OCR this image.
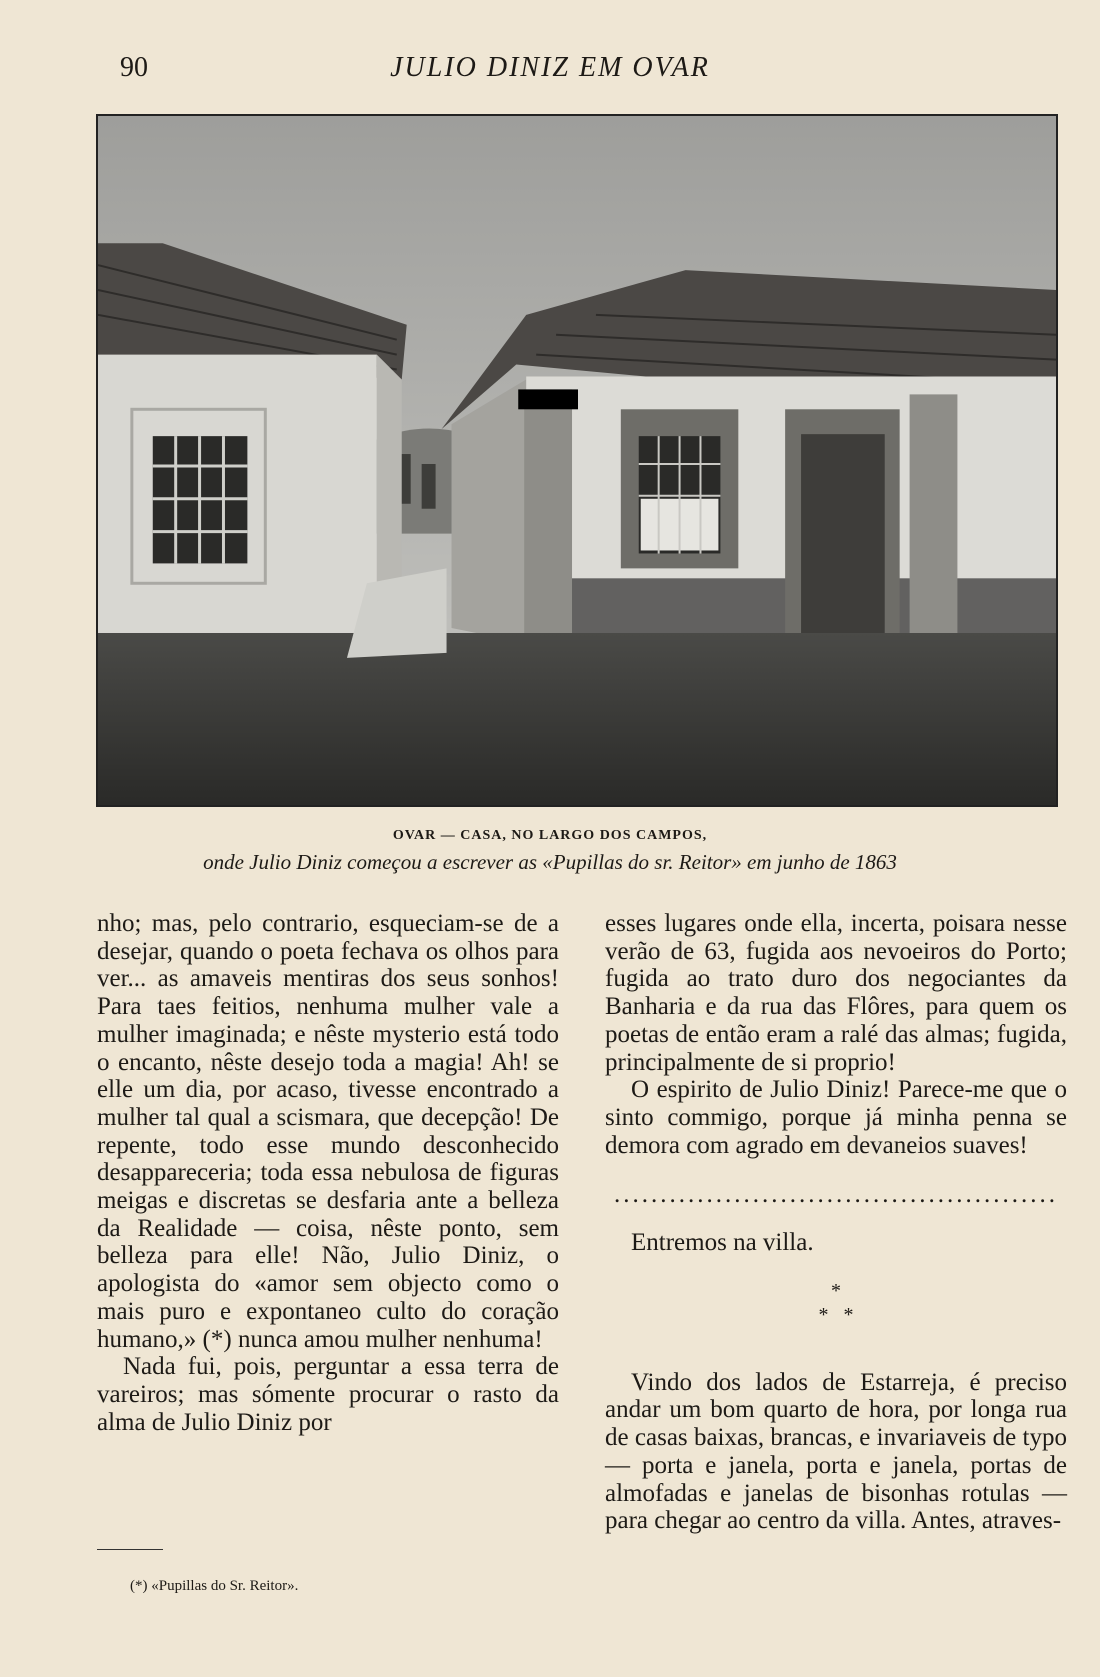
90	JULIO DINIZ EM OVAR
OVAR — CASA, NO LARGO DOS CAMPOS,
onde Julio Diniz começou a escrever as «Pupillas do sr. Reitor» em junho de 1863

nho; mas, pelo contrario, esqueciam-se de a desejar, quando o poeta fechava os olhos para ver... as amaveis mentiras dos seus sonhos! Para taes feitios, nenhuma mulher vale a mulher imaginada; e nêste mysterio está todo o encanto, nêste desejo toda a magia! Ah! se elle um dia, por acaso, tivesse encontrado a mulher tal qual a scismara, que decepção! De repente, todo esse mundo desconhecido desappareceria; toda essa nebulosa de figuras meigas e discretas se desfaria ante a belleza da Realidade — coisa, nêste ponto, sem belleza para elle! Não, Julio Diniz, o apologista do «amor sem objecto como o mais puro e expontaneo culto do coração humano,» (*) nunca amou mulher nenhuma!

Nada fui, pois, perguntar a essa terra de vareiros; mas sómente procurar o rasto da alma de Julio Diniz por

esses lugares onde ella, incerta, poisara nesse verão de 63, fugida aos nevoeiros do Porto; fugida ao trato duro dos negociantes da Banharia e da rua das Flôres, para quem os poetas de então eram a ralé das almas; fugida, principalmente de si proprio!

O espirito de Julio Diniz! Parece-me que o sinto commigo, porque já minha penna se demora com agrado em devaneios suaves!

................................................

Entremos na villa.

*
*   *

Vindo dos lados de Estarreja, é preciso andar um bom quarto de hora, por longa rua de casas baixas, brancas, e invariaveis de typo — porta e janela, porta e janela, portas de almofadas e janelas de bisonhas rotulas — para chegar ao centro da villa. Antes, atraves-

(*) «Pupillas do Sr. Reitor».
